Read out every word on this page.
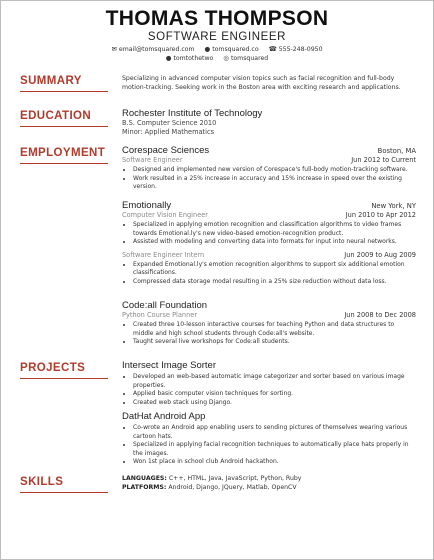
THOMAS THOMPSON
SOFTWARE ENGINEER
✉ email@tomsquared.com ● tomsquared.co ☎ 555-248-0950
● tomtothetwo ◎ tomsquared
SUMMARY	Specializing in advanced computer vision topics such as facial recognition and full-body motion-tracking. Seeking work in the Boston area with exciting research and applications.
EDUCATION	Rochester Institute of Technology
B.S. Computer Science 2010
Minor: Applied Mathematics
EMPLOYMENT	Corespace Sciences	Boston, MA
Software Engineer	Jun 2012 to Current
• Designed and implemented new version of Corespace's full-body motion-tracking software.
• Work resulted in a 25% increase in accuracy and 15% increase in speed over the existing version.
Emotionally	New York, NY
Computer Vision Engineer	Jun 2010 to Apr 2012
• Specialized in applying emotion recognition and classification algorithms to video frames towards Emotional.ly's new video-based emotion-recognition product.
• Assisted with modeling and converting data into formats for input into neural networks.
Software Engineer Intern	Jun 2009 to Aug 2009
• Expanded Emotional.ly's emotion recognition algorithms to support six additional emotion classifications.
• Compressed data storage modal resulting in a 25% size reduction without data loss.
Code:all Foundation
Python Course Planner	Jun 2008 to Dec 2008
• Created three 10-lesson interactive courses for teaching Python and data structures to middle and high school students through Code:all's website.
• Taught several live workshops for Code:all students.
PROJECTS	Intersect Image Sorter
• Developed an web-based automatic image categorizer and sorter based on various image properties.
• Applied basic computer vision techniques for sorting.
• Created web stack using Django.
DatHat Android App
• Co-wrote an Android app enabling users to sending pictures of themselves wearing various cartoon hats.
• Specialized in applying facial recognition techniques to automatically place hats properly in the images.
• Won 1st place in school club Android hackathon.
SKILLS	LANGUAGES: C++, HTML, Java, JavaScript, Python, Ruby
PLATFORMS: Android, Django, JQuery, Matlab, OpenCV
